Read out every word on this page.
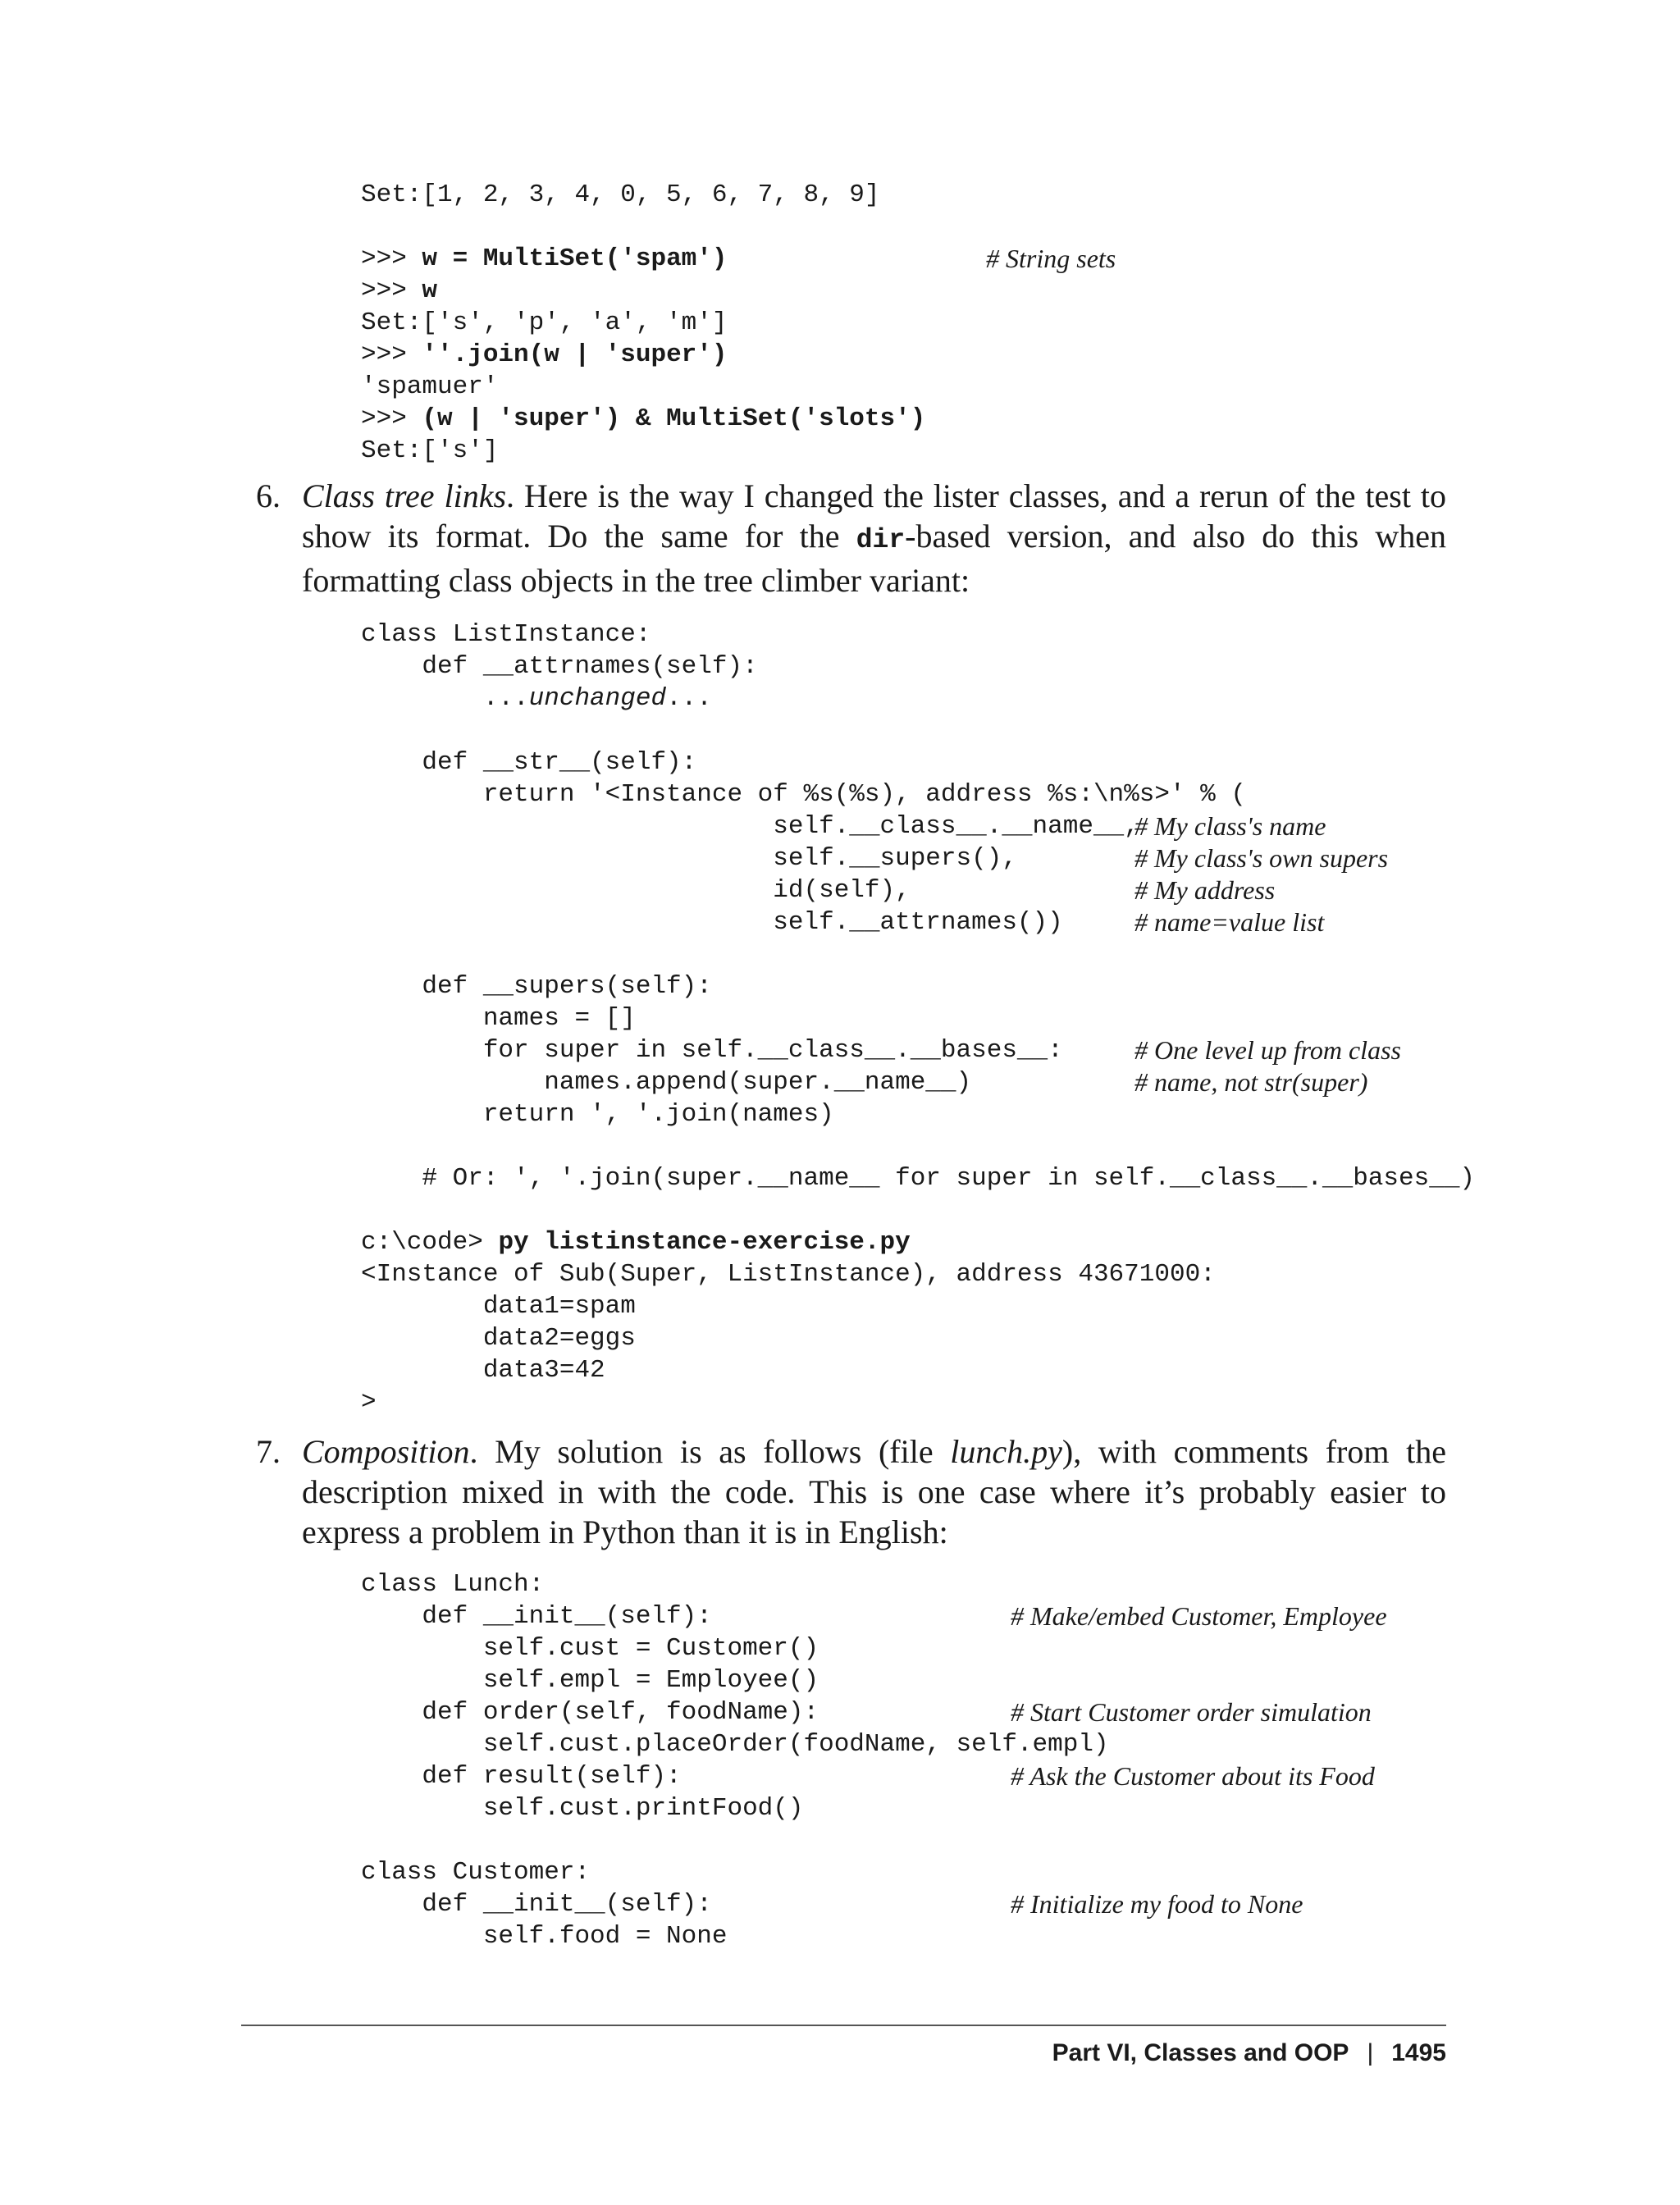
Set:[1, 2, 3, 4, 0, 5, 6, 7, 8, 9]
>>> w = MultiSet('spam')	# String sets
>>> w
Set:['s', 'p', 'a', 'm']
>>> ''.join(w | 'super')
'spamuer'
>>> (w | 'super') & MultiSet('slots')
Set:['s']
6. Class tree links. Here is the way I changed the lister classes, and a rerun of the test to show its format. Do the same for the dir-based version, and also do this when formatting class objects in the tree climber variant:
class ListInstance:
def __attrnames(self):
...unchanged...
def __str__(self):
return '<Instance of %s(%s), address %s:\n%s>' % (
self.__class__.__name__,
# My class's name
self.__supers(),	# My class's own supers
id(self),	# My address
self.__attrnames())	# name=value list
def __supers(self):
names = []
for super in self.__class__.__bases__:	# One level up from class
names.append(super.__name__)	# name, not str(super)
return ', '.join(names)
# Or: ', '.join(super.__name__ for super in self.__class__.__bases__)
c:\code> py listinstance-exercise.py
<Instance of Sub(Super, ListInstance), address 43671000:
data1=spam
data2=eggs
data3=42
>
7. Composition. My solution is as follows (file lunch.py), with comments from the description mixed in with the code. This is one case where it’s probably easier to express a problem in Python than it is in English:
class Lunch:
def __init__(self):	# Make/embed Customer, Employee
self.cust = Customer()
self.empl = Employee()
def order(self, foodName):	# Start Customer order simulation
self.cust.placeOrder(foodName, self.empl)
def result(self):	# Ask the Customer about its Food
self.cust.printFood()
class Customer:
def __init__(self):	# Initialize my food to None
self.food = None
Part VI, Classes and OOP | 1495
